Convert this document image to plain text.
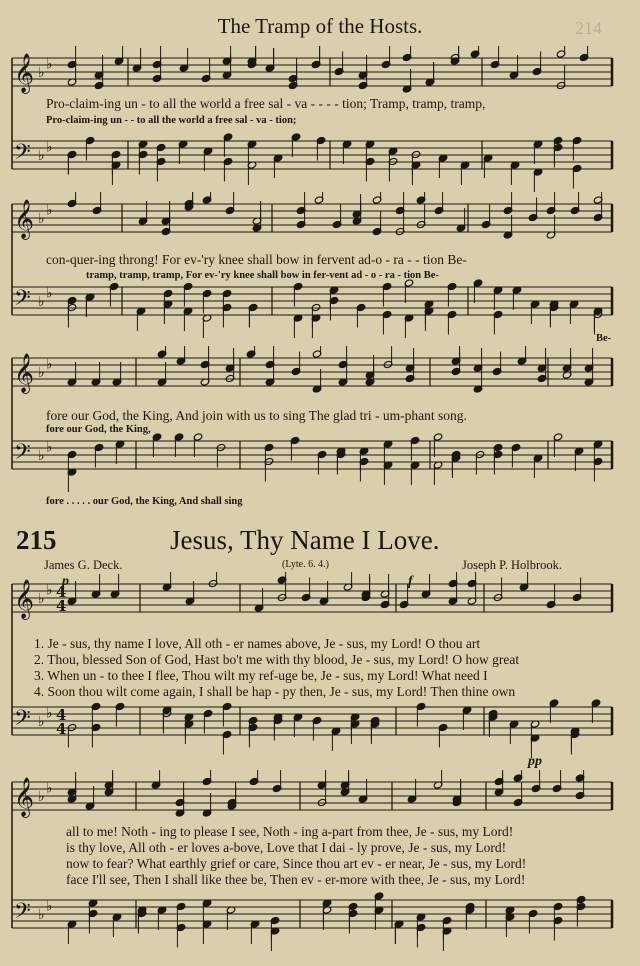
The Tramp of the Hosts.	214
𝄞 ♭
♭
𝄢 ♭
♭
Pro-claim-ing un - to all the world a free sal - va - - - - tion; Tramp, tramp, tramp,
Pro-claim-ing un - - to all the world a free sal - va - tion;
𝄞 ♭
♭
𝄢 ♭
♭
con-quer-ing throng! For ev-'ry knee shall bow in fervent ad-o - ra - - tion Be-
tramp, tramp, tramp, For ev-'ry knee shall bow in fer-vent ad - o - ra - tion Be-
Be-
𝄞 ♭
♭
𝄢 ♭
♭
fore our God, the King, And join with us to sing The glad tri - um-phant song.
fore our God, the King,
fore . . . . . our God, the King, And shall sing
215	Jesus, Thy Name I Love.
James G. Deck.	(Lyte. 6. 4.)	Joseph P. Holbrook.
𝄞 ♭
♭ 4
4
𝄢 ♭
♭ 4
4
p	f
1. Je - sus, thy name I love, All oth - er names above, Je - sus, my Lord! O thou art
2. Thou, blessed Son of God, Hast bo't me with thy blood, Je - sus, my Lord! O how great
3. When un - to thee I flee, Thou wilt my ref-uge be, Je - sus, my Lord! What need I
4. Soon thou wilt come again, I shall be hap - py then, Je - sus, my Lord! Then thine own
𝄞 ♭
♭
𝄢 ♭
♭
pp
all to me! Noth - ing to please I see, Noth - ing a-part from thee, Je - sus, my Lord!
is thy love, All oth - er loves a-bove, Love that I dai - ly prove, Je - sus, my Lord!
now to fear? What earthly grief or care, Since thou art ev - er near, Je - sus, my Lord!
face I'll see, Then I shall like thee be, Then ev - er-more with thee, Je - sus, my Lord!
